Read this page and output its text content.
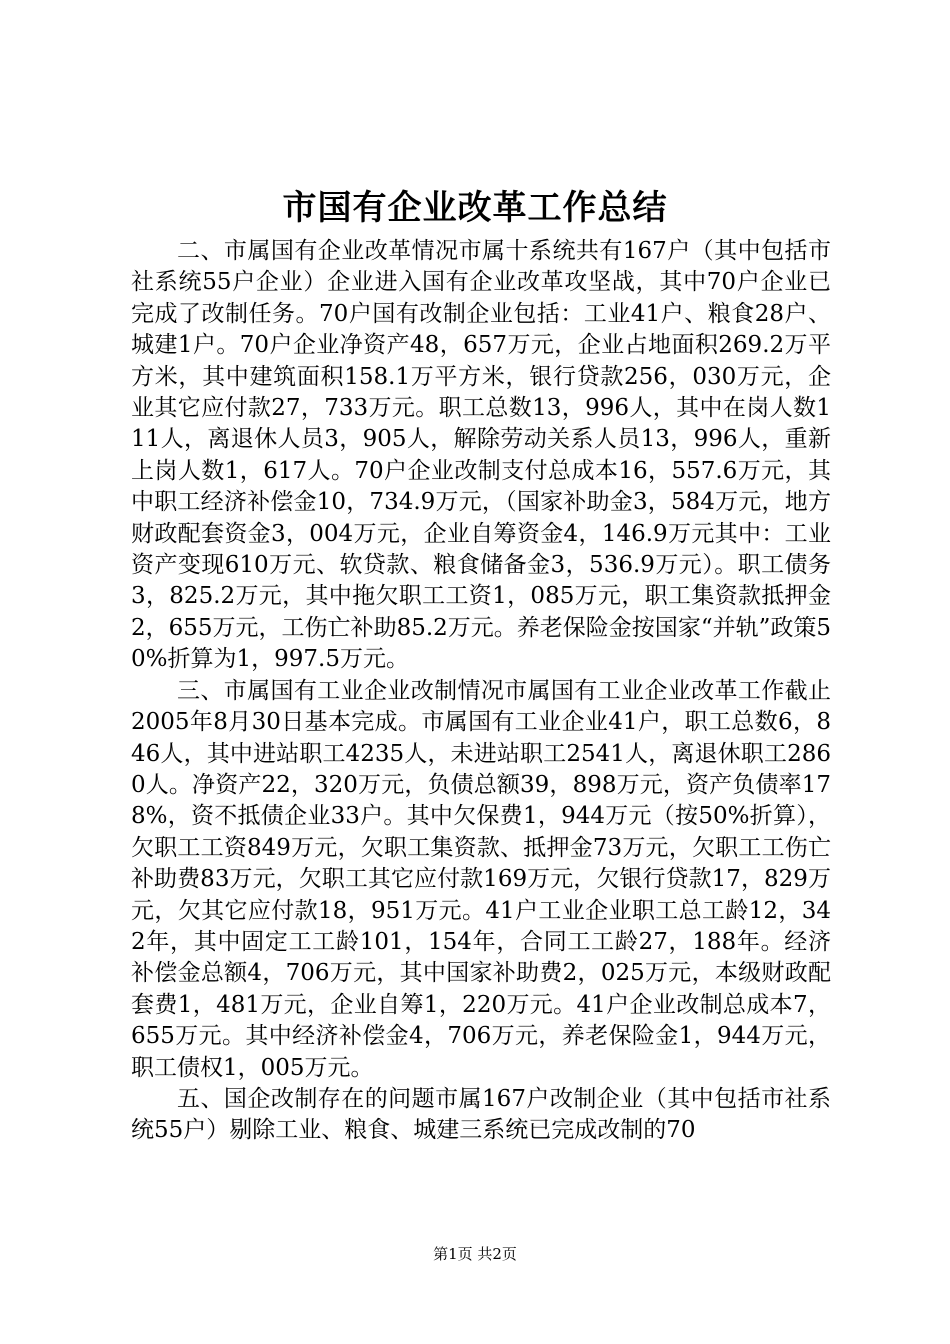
市国有企业改革工作总结

二、市属国有企业改革情况市属十系统共有167户（其中包括市社系统55户企业）企业进入国有企业改革攻坚战，其中70户企业已完成了改制任务。70户国有改制企业包括：工业41户、粮食28户、城建1户。70户企业净资产48，657万元，企业占地面积269.2万平方米，其中建筑面积158.1万平方米，银行贷款256，030万元，企业其它应付款27，733万元。职工总数13，996人，其中在岗人数111人，离退休人员3，905人，解除劳动关系人员13，996人，重新上岗人数1，617人。70户企业改制支付总成本16，557.6万元，其中职工经济补偿金10，734.9万元，（国家补助金3，584万元，地方财政配套资金3，004万元，企业自筹资金4，146.9万元其中：工业资产变现610万元、软贷款、粮食储备金3，536.9万元）。职工债务3，825.2万元，其中拖欠职工工资1，085万元，职工集资款抵押金2，655万元，工伤亡补助85.2万元。养老保险金按国家“并轨”政策50%折算为1，997.5万元。

三、市属国有工业企业改制情况市属国有工业企业改革工作截止2005年8月30日基本完成。市属国有工业企业41户，职工总数6，846人，其中进站职工4235人，未进站职工2541人，离退休职工2860人。净资产22，320万元，负债总额39，898万元，资产负债率178%，资不抵债企业33户。其中欠保费1，944万元（按50%折算），欠职工工资849万元，欠职工集资款、抵押金73万元，欠职工工伤亡补助费83万元，欠职工其它应付款169万元，欠银行贷款17，829万元，欠其它应付款18，951万元。41户工业企业职工总工龄12，342年，其中固定工工龄101，154年，合同工工龄27，188年。经济补偿金总额4，706万元，其中国家补助费2，025万元，本级财政配套费1，481万元，企业自筹1，220万元。41户企业改制总成本7，655万元。其中经济补偿金4，706万元，养老保险金1，944万元，职工债权1，005万元。

五、国企改制存在的问题市属167户改制企业（其中包括市社系统55户）剔除工业、粮食、城建三系统已完成改制的70

第1页 共2页
